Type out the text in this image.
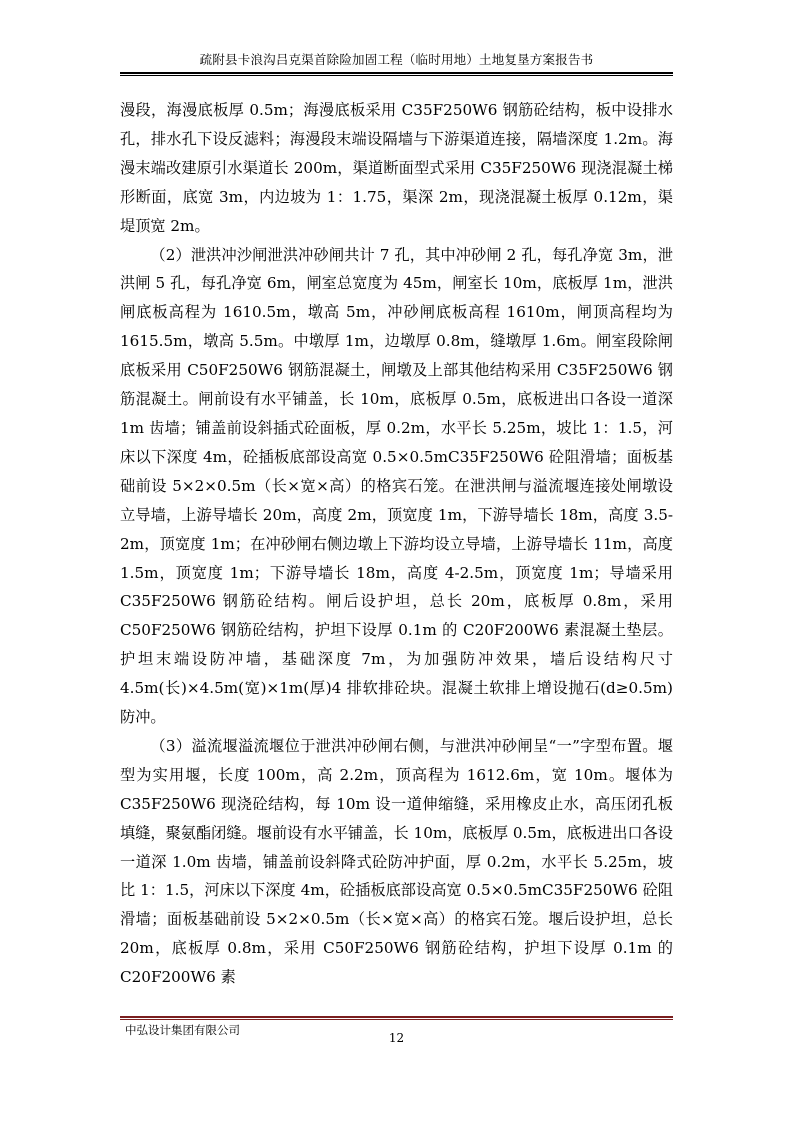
疏附县卡浪沟吕克渠首除险加固工程（临时用地）土地复垦方案报告书

漫段，海漫底板厚 0.5m；海漫底板采用 C35F250W6 钢筋砼结构，板中设排水孔，排水孔下设反滤料；海漫段末端设隔墙与下游渠道连接，隔墙深度 1.2m。海漫末端改建原引水渠道长 200m，渠道断面型式采用 C35F250W6 现浇混凝土梯形断面，底宽 3m，内边坡为 1：1.75，渠深 2m，现浇混凝土板厚 0.12m，渠堤顶宽 2m。

（2）泄洪冲沙闸泄洪冲砂闸共计 7 孔，其中冲砂闸 2 孔，每孔净宽 3m，泄洪闸 5 孔，每孔净宽 6m，闸室总宽度为 45m，闸室长 10m，底板厚 1m，泄洪闸底板高程为 1610.5m，墩高 5m，冲砂闸底板高程 1610m，闸顶高程均为 1615.5m，墩高 5.5m。中墩厚 1m，边墩厚 0.8m，缝墩厚 1.6m。闸室段除闸底板采用 C50F250W6 钢筋混凝土，闸墩及上部其他结构采用 C35F250W6 钢筋混凝土。闸前设有水平铺盖，长 10m，底板厚 0.5m，底板进出口各设一道深 1m 齿墙；铺盖前设斜插式砼面板，厚 0.2m，水平长 5.25m，坡比 1：1.5，河床以下深度 4m，砼插板底部设高宽 0.5×0.5mC35F250W6 砼阻滑墙；面板基础前设 5×2×0.5m（长×宽×高）的格宾石笼。在泄洪闸与溢流堰连接处闸墩设立导墙，上游导墙长 20m，高度 2m，顶宽度 1m，下游导墙长 18m，高度 3.5-2m，顶宽度 1m；在冲砂闸右侧边墩上下游均设立导墙，上游导墙长 11m，高度 1.5m，顶宽度 1m；下游导墙长 18m，高度 4-2.5m，顶宽度 1m；导墙采用 C35F250W6 钢筋砼结构。闸后设护坦，总长 20m，底板厚 0.8m，采用 C50F250W6 钢筋砼结构，护坦下设厚 0.1m 的 C20F200W6 素混凝土垫层。护坦末端设防冲墙，基础深度 7m，为加强防冲效果，墙后设结构尺寸 4.5m(长)×4.5m(宽)×1m(厚)4 排软排砼块。混凝土软排上增设抛石(d≥0.5m)防冲。

（3）溢流堰溢流堰位于泄洪冲砂闸右侧，与泄洪冲砂闸呈“一”字型布置。堰型为实用堰，长度 100m，高 2.2m，顶高程为 1612.6m，宽 10m。堰体为 C35F250W6 现浇砼结构，每 10m 设一道伸缩缝，采用橡皮止水，高压闭孔板填缝，聚氨酯闭缝。堰前设有水平铺盖，长 10m，底板厚 0.5m，底板进出口各设一道深 1.0m 齿墙，铺盖前设斜降式砼防冲护面，厚 0.2m，水平长 5.25m，坡比 1：1.5，河床以下深度 4m，砼插板底部设高宽 0.5×0.5mC35F250W6 砼阻滑墙；面板基础前设 5×2×0.5m（长×宽×高）的格宾石笼。堰后设护坦，总长 20m，底板厚 0.8m，采用 C50F250W6 钢筋砼结构，护坦下设厚 0.1m 的 C20F200W6 素

中弘设计集团有限公司
12
